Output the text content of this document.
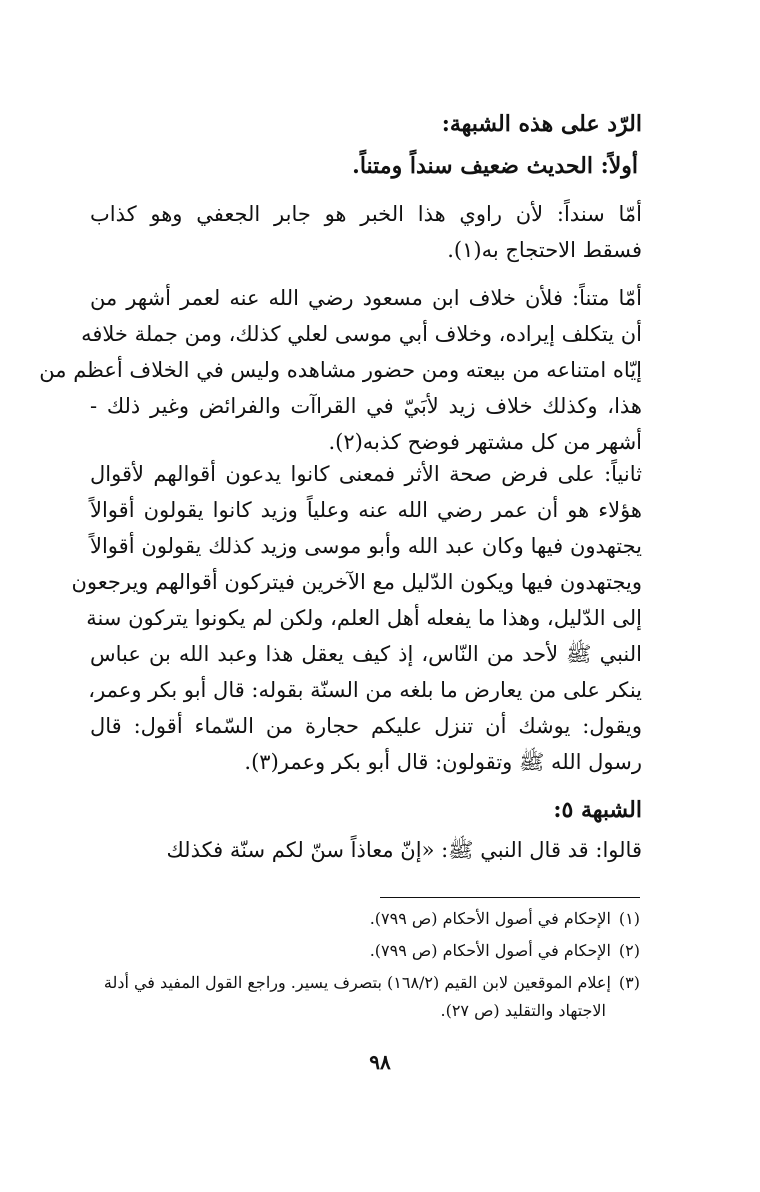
الرّد على هذه الشبهة:
أولاً: الحديث ضعيف سنداً ومتناً.
أمّا سنداً: لأن راوي هذا الخبر هو جابر الجعفي وهو كذاب
فسقط الاحتجاج به(١).
أمّا متناً: فلأن خلاف ابن مسعود رضي الله عنه لعمر أشهر من
أن يتكلف إيراده، وخلاف أبي موسى لعلي كذلك، ومن جملة خلافه
إيّاه امتناعه من بيعته ومن حضور مشاهده وليس في الخلاف أعظم من
هذا، وكذلك خلاف زيد لأبَيّ في القراآت والفرائض وغير ذلك -
أشهر من كل مشتهر فوضح كذبه(٢).
ثانياً: على فرض صحة الأثر فمعنى كانوا يدعون أقوالهم لأقوال
هؤلاء هو أن عمر رضي الله عنه وعلياً وزيد كانوا يقولون أقوالاً
يجتهدون فيها وكان عبد الله وأبو موسى وزيد كذلك يقولون أقوالاً
ويجتهدون فيها ويكون الدّليل مع الآخرين فيتركون أقوالهم ويرجعون
إلى الدّليل، وهذا ما يفعله أهل العلم، ولكن لم يكونوا يتركون سنة
النبي ﷺ لأحد من النّاس، إذ كيف يعقل هذا وعبد الله بن عباس
ينكر على من يعارض ما بلغه من السنّة بقوله: قال أبو بكر وعمر،
ويقول: يوشك أن تنزل عليكم حجارة من السّماء أقول: قال
رسول الله ﷺ وتقولون: قال أبو بكر وعمر(٣).
الشبهة ٥:
قالوا: قد قال النبي ﷺ: «إنّ معاذاً سنّ لكم سنّة فكذلك
(١)الإحكام في أصول الأحكام (ص ٧٩٩).
(٢)الإحكام في أصول الأحكام (ص ٧٩٩).
(٣)إعلام الموقعين لابن القيم (١٦٨/٢) بتصرف يسير. وراجع القول المفيد في أدلة
الاجتهاد والتقليد (ص ٢٧).
٩٨
